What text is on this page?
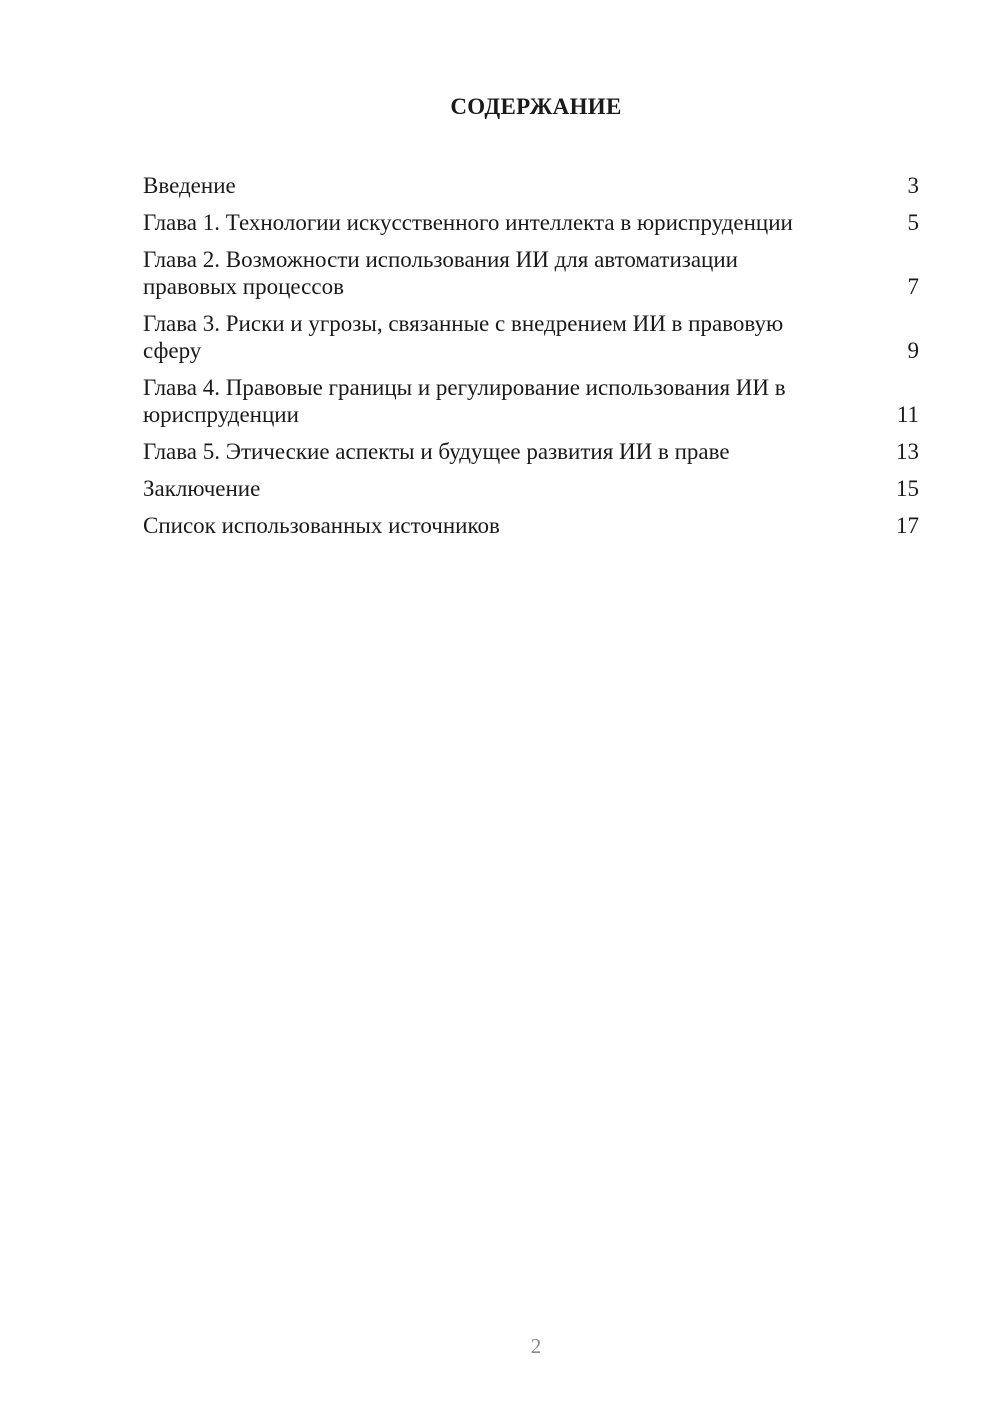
СОДЕРЖАНИЕ
Введение	3
Глава 1. Технологии искусственного интеллекта в юриспруденции	5
Глава 2. Возможности использования ИИ для автоматизации правовых процессов	7
Глава 3. Риски и угрозы, связанные с внедрением ИИ в правовую сферу	9
Глава 4. Правовые границы и регулирование использования ИИ в юриспруденции	11
Глава 5. Этические аспекты и будущее развития ИИ в праве	13
Заключение	15
Список использованных источников	17
2
